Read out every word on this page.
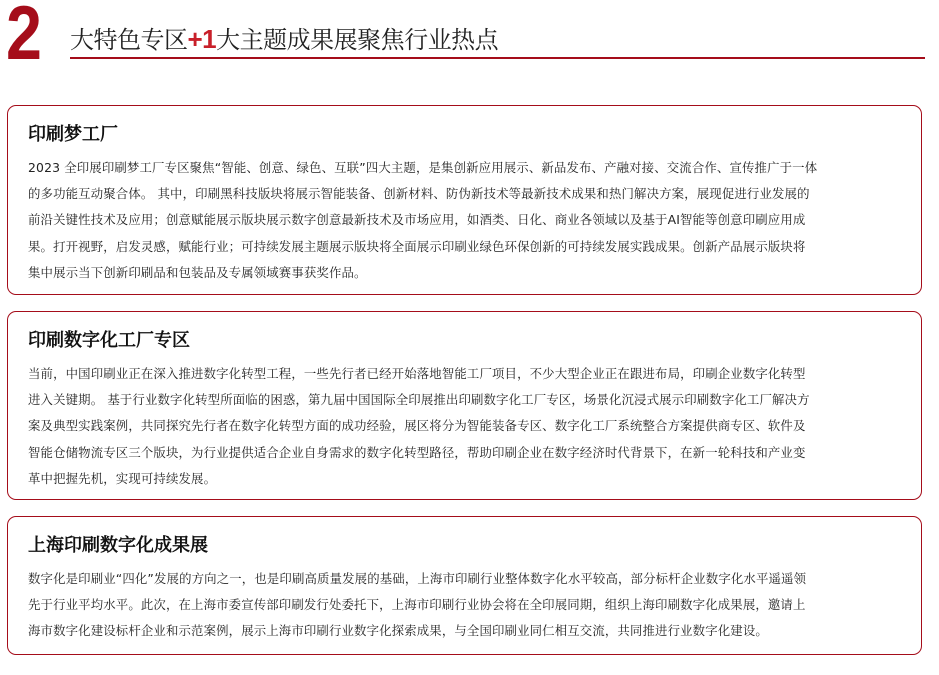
2 大特色专区+1大主题成果展聚焦行业热点
印刷梦工厂
2023 全印展印刷梦工厂专区聚焦“智能、创意、绿色、互联”四大主题，是集创新应用展示、新品发布、产融对接、交流合作、宣传推广于一体
的多功能互动聚合体。 其中，印刷黑科技版块将展示智能装备、创新材料、防伪新技术等最新技术成果和热门解决方案，展现促进行业发展的
前沿关键性技术及应用；创意赋能展示版块展示数字创意最新技术及市场应用，如酒类、日化、商业各领域以及基于AI智能等创意印刷应用成
果。打开视野，启发灵感，赋能行业；可持续发展主题展示版块将全面展示印刷业绿色环保创新的可持续发展实践成果。创新产品展示版块将
集中展示当下创新印刷品和包装品及专属领域赛事获奖作品。
印刷数字化工厂专区
当前，中国印刷业正在深入推进数字化转型工程，一些先行者已经开始落地智能工厂项目，不少大型企业正在跟进布局，印刷企业数字化转型
进入关键期。 基于行业数字化转型所面临的困惑，第九届中国国际全印展推出印刷数字化工厂专区，场景化沉浸式展示印刷数字化工厂解决方
案及典型实践案例，共同探究先行者在数字化转型方面的成功经验，展区将分为智能装备专区、数字化工厂系统整合方案提供商专区、软件及
智能仓储物流专区三个版块，为行业提供适合企业自身需求的数字化转型路径，帮助印刷企业在数字经济时代背景下，在新一轮科技和产业变
革中把握先机，实现可持续发展。
上海印刷数字化成果展
数字化是印刷业“四化”发展的方向之一，也是印刷高质量发展的基础，上海市印刷行业整体数字化水平较高，部分标杆企业数字化水平遥遥领
先于行业平均水平。此次，在上海市委宣传部印刷发行处委托下，上海市印刷行业协会将在全印展同期，组织上海印刷数字化成果展，邀请上
海市数字化建设标杆企业和示范案例，展示上海市印刷行业数字化探索成果，与全国印刷业同仁相互交流，共同推进行业数字化建设。
